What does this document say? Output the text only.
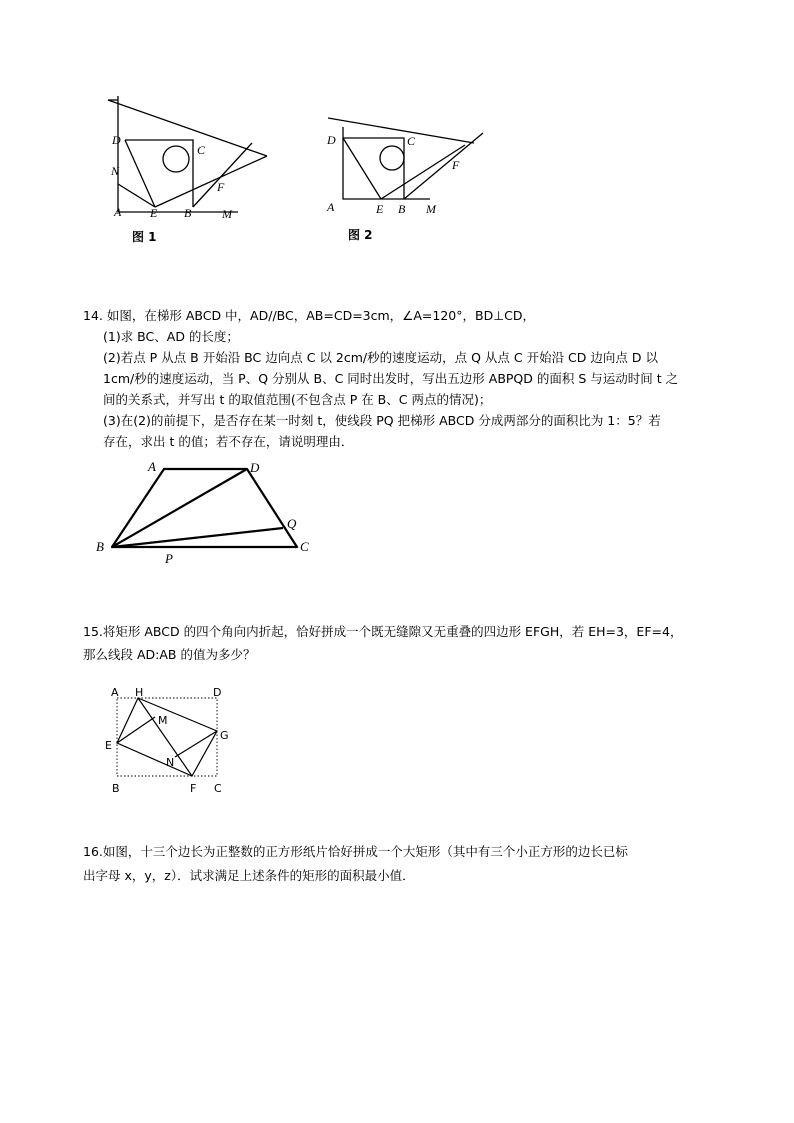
D
C
N
F
A E B	M
图 1
D	C
F
A	E B M
图 2
14. 如图，在梯形 ABCD 中，AD//BC，AB=CD=3cm，∠A=120°，BD⊥CD，
(1)求 BC、AD 的长度；
(2)若点 P 从点 B 开始沿 BC 边向点 C 以 2cm/秒的速度运动，点 Q 从点 C 开始沿 CD 边向点 D 以
1cm/秒的速度运动，当 P、Q 分别从 B、C 同时出发时，写出五边形 ABPQD 的面积 S 与运动时间 t 之
间的关系式，并写出 t 的取值范围(不包含点 P 在 B、C 两点的情况)；
(3)在(2)的前提下，是否存在某一时刻 t，使线段 PQ 把梯形 ABCD 分成两部分的面积比为 1：5？若
存在，求出 t 的值；若不存在，请说明理由．
A	D
Q
B
P
C
15.将矩形 ABCD 的四个角向内折起，恰好拼成一个既无缝隙又无重叠的四边形 EFGH，若 EH=3，EF=4，
那么线段 AD:AB 的值为多少？
A H	D
M
E
G
N
B	F C
16.如图，十三个边长为正整数的正方形纸片恰好拼成一个大矩形（其中有三个小正方形的边长已标
出字母 x，y，z）．试求满足上述条件的矩形的面积最小值．
